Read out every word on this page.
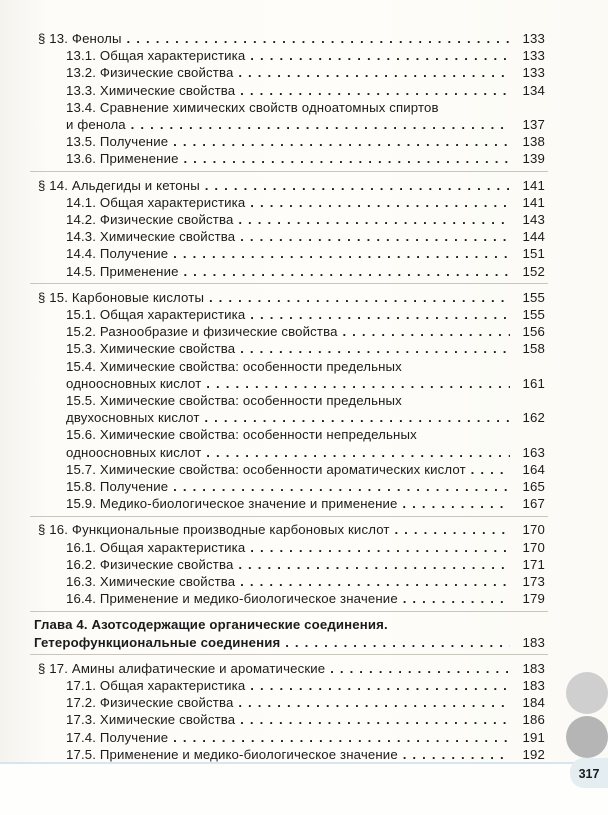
§ 13. Фенолы . . .	133
13.1. Общая характеристика . . .	133
13.2. Физические свойства . . .	133
13.3. Химические свойства . . .	134
13.4. Сравнение химических свойств одноатомных спиртов
и фенола . . .	137
13.5. Получение . . .	138
13.6. Применение . . .	139
§ 14. Альдегиды и кетоны . . .	141
14.1. Общая характеристика . . .	141
14.2. Физические свойства . . .	143
14.3. Химические свойства . . .	144
14.4. Получение . . .	151
14.5. Применение . . .	152
§ 15. Карбоновые кислоты . . .	155
15.1. Общая характеристика . . .	155
15.2. Разнообразие и физические свойства . . .	156
15.3. Химические свойства . . .	158
15.4. Химические свойства: особенности предельных
одноосновных кислот . . .	161
15.5. Химические свойства: особенности предельных
двухосновных кислот . . .	162
15.6. Химические свойства: особенности непредельных
одноосновных кислот . . .	163
15.7. Химические свойства: особенности ароматических кислот . . .	164
15.8. Получение . . .	165
15.9. Медико-биологическое значение и применение . . .	167
§ 16. Функциональные производные карбоновых кислот . . .	170
16.1. Общая характеристика . . .	170
16.2. Физические свойства . . .	171
16.3. Химические свойства . . .	173
16.4. Применение и медико-биологическое значение . . .	179
Глава 4. Азотсодержащие органические соединения.
Гетерофункциональные соединения . . .	183
§ 17. Амины алифатические и ароматические . . .	183
17.1. Общая характеристика . . .	183
17.2. Физические свойства . . .	184
17.3. Химические свойства . . .	186
17.4. Получение . . .	191
17.5. Применение и медико-биологическое значение . . .	192
. . .
. . .
317
